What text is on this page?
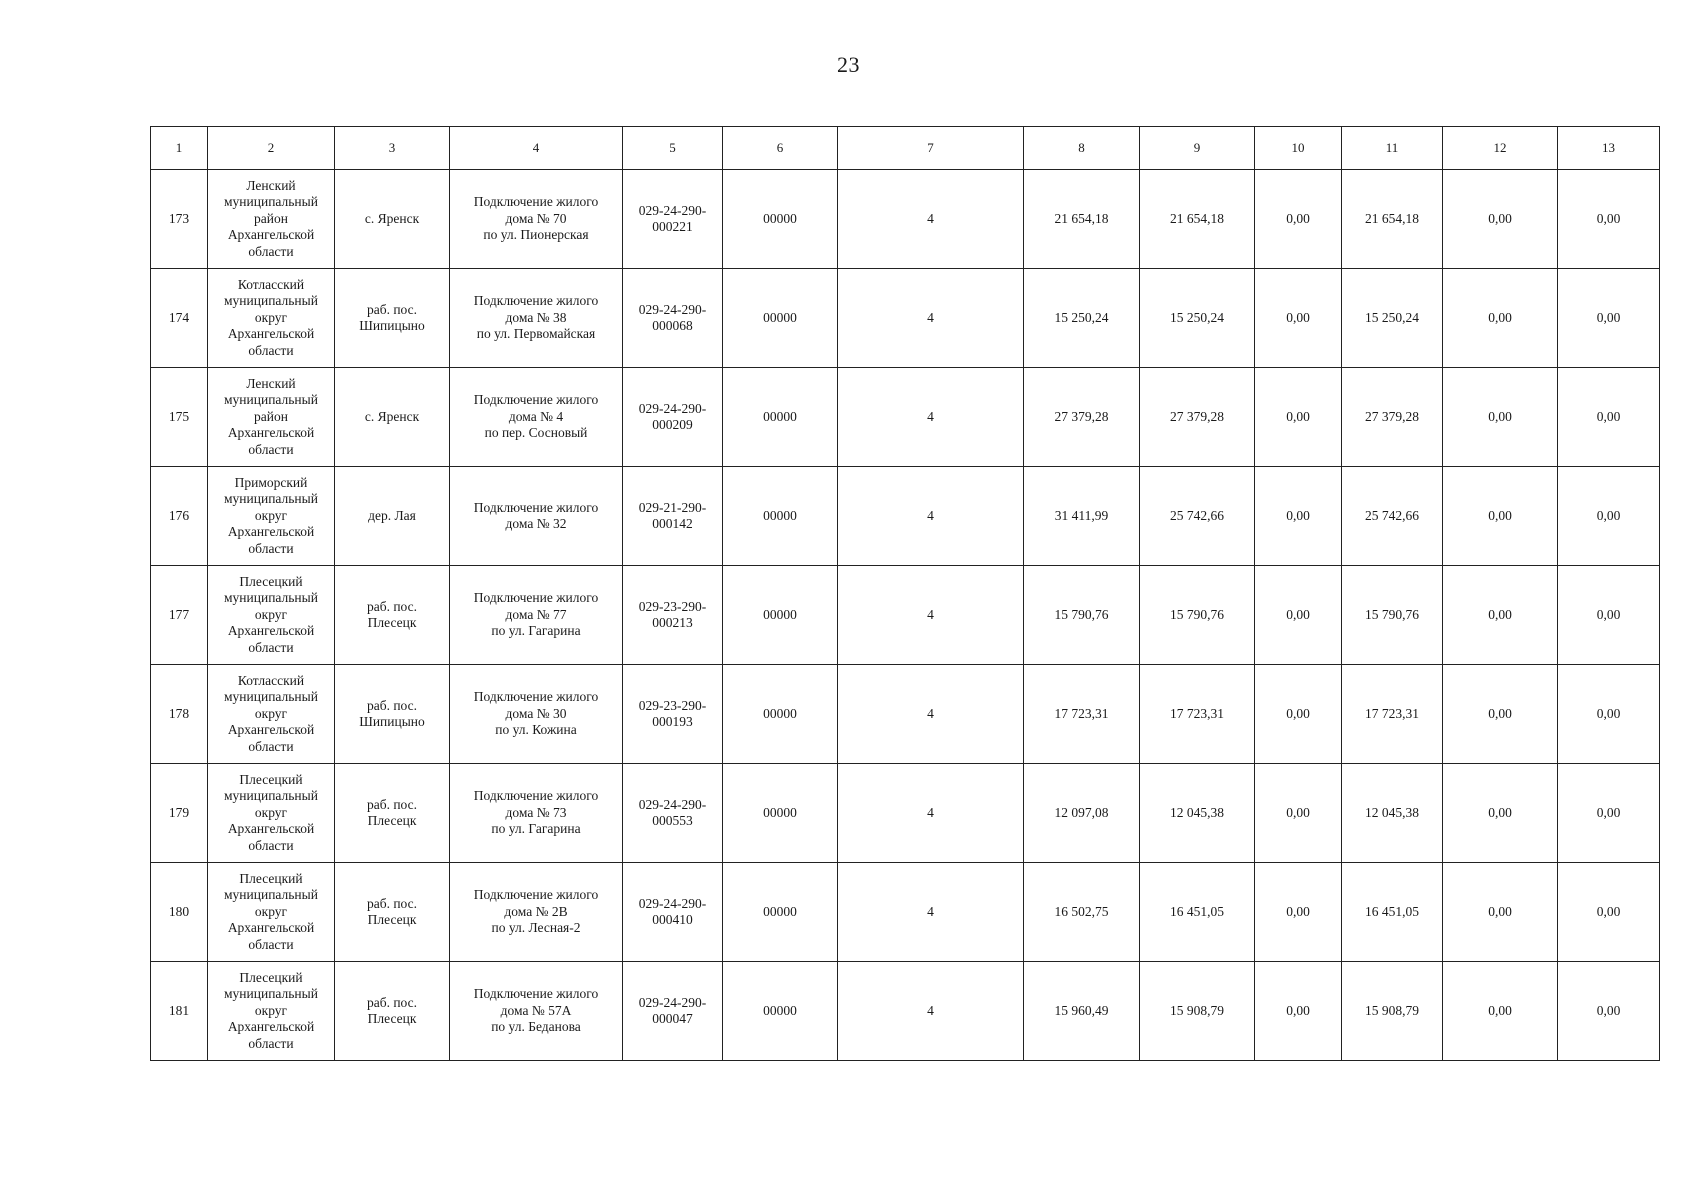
23
1	2	3	4	5	6	7	8	9	10	11	12	13
173	Ленский
муниципальный
район
Архангельской
области	с. Яренск	Подключение жилого
дома № 70
по ул. Пионерская	029-24-290-
000221	00000	4	21 654,18	21 654,18	0,00	21 654,18	0,00	0,00
174	Котласский
муниципальный
округ
Архангельской
области	раб. пос.
Шипицыно	Подключение жилого
дома № 38
по ул. Первомайская	029-24-290-
000068	00000	4	15 250,24	15 250,24	0,00	15 250,24	0,00	0,00
175	Ленский
муниципальный
район
Архангельской
области	с. Яренск	Подключение жилого
дома № 4
по пер. Сосновый	029-24-290-
000209	00000	4	27 379,28	27 379,28	0,00	27 379,28	0,00	0,00
176	Приморский
муниципальный
округ
Архангельской
области	дер. Лая	Подключение жилого
дома № 32	029-21-290-
000142	00000	4	31 411,99	25 742,66	0,00	25 742,66	0,00	0,00
177	Плесецкий
муниципальный
округ
Архангельской
области	раб. пос.
Плесецк	Подключение жилого
дома № 77
по ул. Гагарина	029-23-290-
000213	00000	4	15 790,76	15 790,76	0,00	15 790,76	0,00	0,00
178	Котласский
муниципальный
округ
Архангельской
области	раб. пос.
Шипицыно	Подключение жилого
дома № 30
по ул. Кожина	029-23-290-
000193	00000	4	17 723,31	17 723,31	0,00	17 723,31	0,00	0,00
179	Плесецкий
муниципальный
округ
Архангельской
области	раб. пос.
Плесецк	Подключение жилого
дома № 73
по ул. Гагарина	029-24-290-
000553	00000	4	12 097,08	12 045,38	0,00	12 045,38	0,00	0,00
180	Плесецкий
муниципальный
округ
Архангельской
области	раб. пос.
Плесецк	Подключение жилого
дома № 2В
по ул. Лесная-2	029-24-290-
000410	00000	4	16 502,75	16 451,05	0,00	16 451,05	0,00	0,00
181	Плесецкий
муниципальный
округ
Архангельской
области	раб. пос.
Плесецк	Подключение жилого
дома № 57А
по ул. Беданова	029-24-290-
000047	00000	4	15 960,49	15 908,79	0,00	15 908,79	0,00	0,00
